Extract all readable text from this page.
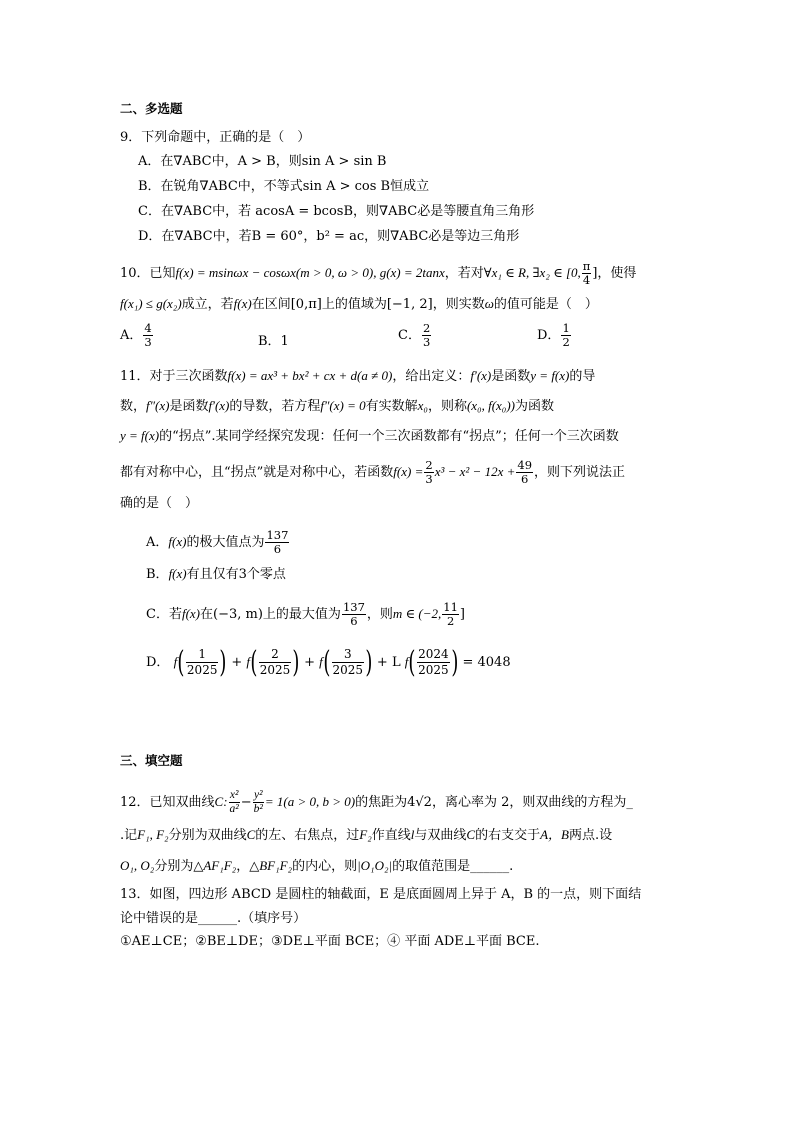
二、多选题
9．下列命题中，正确的是（　）
A．在∇ABC中，A > B，则sin A > sin B
B．在锐角∇ABC中，不等式sin A > cos B恒成立
C．在∇ABC中，若 acosA = bcosB，则∇ABC必是等腰直角三角形
D．在∇ABC中，若B = 60°，b² = ac，则∇ABC必是等边三角形
10．已知f(x) = msinωx − cosωx(m > 0, ω > 0), g(x) = 2tanx，若对∀x₁ ∈ R, ∃x₂ ∈ [0, $\frac{\pi}{4}$ ]，使得
f(x₁) ≤ g(x₂)成立，若f(x)在区间[0,π]上的值域为[−1, 2]，则实数ω的值可能是（　）
A． $\frac{4}{3}$	B．1	C． $\frac{2}{3}$	D． $\frac{1}{2}$
11．对于三次函数f(x) = ax³ + bx² + cx + d(a ≠ 0)，给出定义：f′(x)是函数y = f(x)的导
数，f″(x)是函数f′(x)的导数，若方程f″(x) = 0有实数解x₀，则称(x₀, f(x₀))为函数
y = f(x)的“拐点”.某同学经探究发现：任何一个三次函数都有“拐点”；任何一个三次函数
都有对称中心，且“拐点”就是对称中心，若函数$f(x) = \frac{2}{3} x^3 - x^2 - 12x + \frac{49}{6}$ ，则下列说法正
确的是（　）
A．f(x)的极大值点为 $\frac{137}{6}$
B．f(x)有且仅有3个零点
C．若f(x)在(−3, m)上的最大值为 $\frac{137}{6}$ ，则m ∈ (−2, $\frac{11}{2}$ ]
D． $f( \frac{1}{2025}$ ) + $f( \frac{2}{2025}$ ) + $f( \frac{3}{2025}$ ) + L $f( \frac{2024}{2025}$ ) = 4048
三、填空题
12．已知双曲线C: $\frac{\text{x²}}{\text{a²}} - \frac{\text{y²}}{\text{b²}} = 1(a > 0$, b > 0)的焦距为4√2，离心率为 2，则双曲线的方程为_
.记F₁, F₂分别为双曲线C的左、右焦点，过F₂作直线l与双曲线C的右支交于A，B两点.设
O₁, O₂分别为△AF₁F₂，△BF₁F₂的内心，则|O₁O₂|的取值范围是______.
13．如图，四边形 ABCD 是圆柱的轴截面，E 是底面圆周上异于 A，B 的一点，则下面结
论中错误的是______.（填序号）
①AE⊥CE；②BE⊥DE；③DE⊥平面 BCE；④ 平面 ADE⊥平面 BCE.
